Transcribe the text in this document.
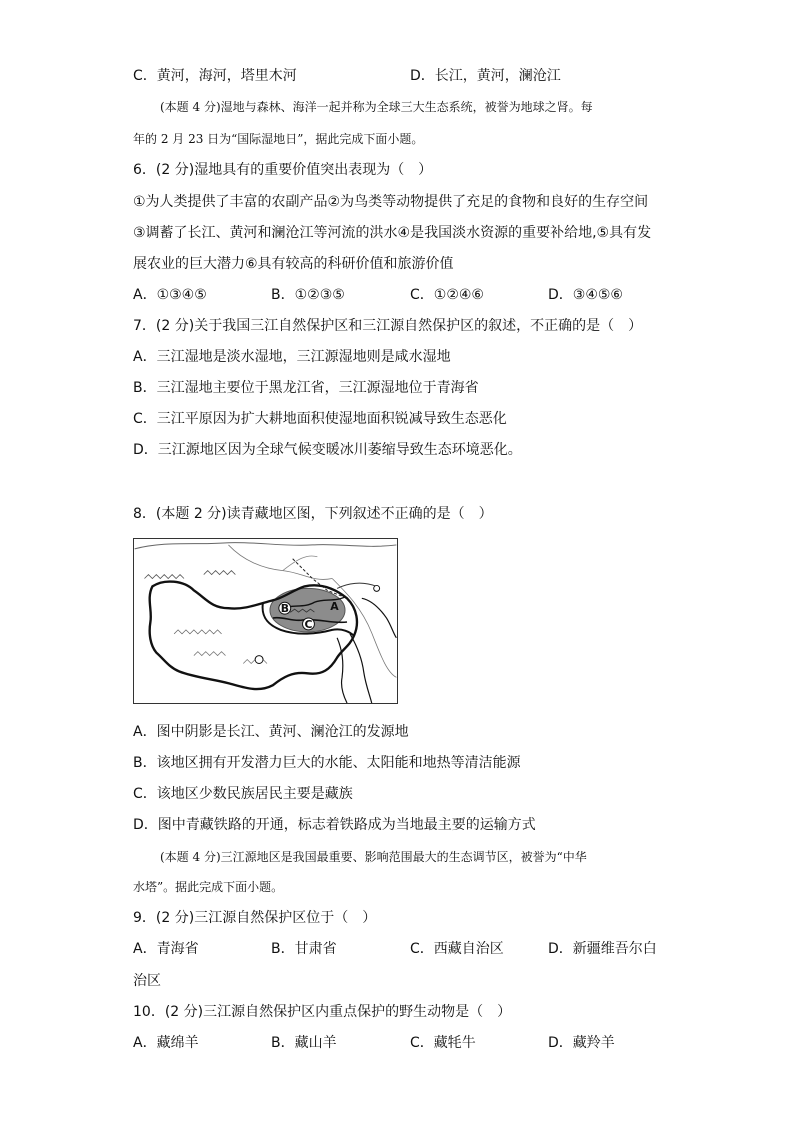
C．黄河，海河，塔里木河	D．长江，黄河，澜沧江
(本题 4 分)湿地与森林、海洋一起并称为全球三大生态系统，被誉为地球之肾。每
年的 2 月 23 日为“国际湿地日”，据此完成下面小题。
6．(2 分)湿地具有的重要价值突出表现为（　）
①为人类提供了丰富的农副产品②为鸟类等动物提供了充足的食物和良好的生存空间
③调蓄了长江、黄河和澜沧江等河流的洪水④是我国淡水资源的重要补给地,⑤具有发
展农业的巨大潜力⑥具有较高的科研价值和旅游价值
A．①③④⑤	B．①②③⑤	C．①②④⑥	D．③④⑤⑥
7．(2 分)关于我国三江自然保护区和三江源自然保护区的叙述，不正确的是（　）
A．三江湿地是淡水湿地，三江源湿地则是咸水湿地
B．三江湿地主要位于黑龙江省，三江源湿地位于青海省
C．三江平原因为扩大耕地面积使湿地面积锐减导致生态恶化
D．三江源地区因为全球气候变暖冰川萎缩导致生态环境恶化。
8．(本题 2 分)读青藏地区图，下列叙述不正确的是（　）
B	A
C
A．图中阴影是长江、黄河、澜沧江的发源地
B．该地区拥有开发潜力巨大的水能、太阳能和地热等清洁能源
C．该地区少数民族居民主要是藏族
D．图中青藏铁路的开通，标志着铁路成为当地最主要的运输方式
(本题 4 分)三江源地区是我国最重要、影响范围最大的生态调节区，被誉为“中华
水塔”。据此完成下面小题。
9．(2 分)三江源自然保护区位于（　）
A．青海省	B．甘肃省	C．西藏自治区	D．新疆维吾尔白
治区
10．(2 分)三江源自然保护区内重点保护的野生动物是（　）
A．藏绵羊	B．藏山羊	C．藏牦牛	D．藏羚羊
